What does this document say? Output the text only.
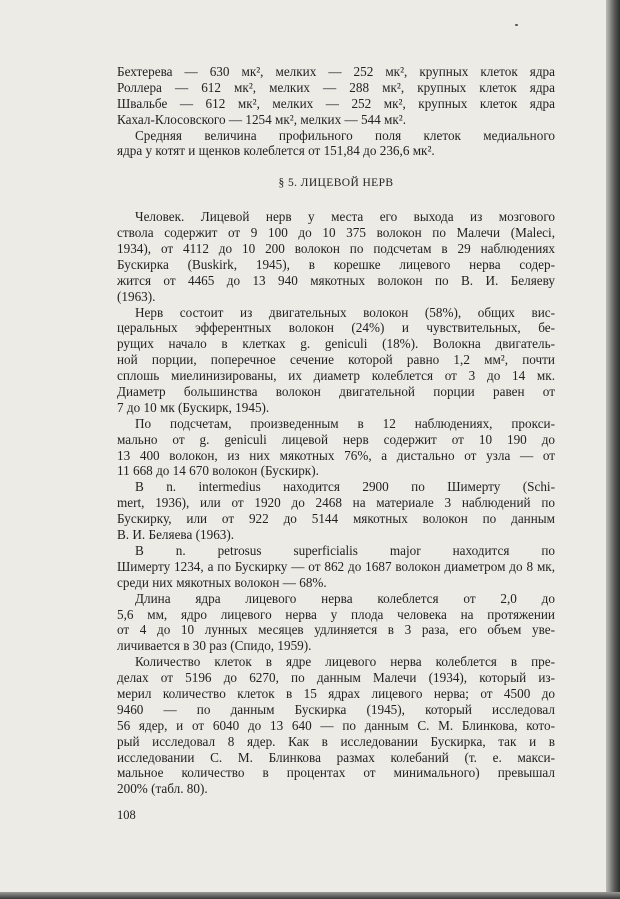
Бехтерева — 630 мк², мелких — 252 мк², крупных клеток ядра
Роллера — 612 мк², мелких — 288 мк², крупных клеток ядра
Швальбе — 612 мк², мелких — 252 мк², крупных клеток ядра
Кахал-Клосовского — 1254 мк², мелких — 544 мк².
Средняя величина профильного поля клеток медиального
ядра у котят и щенков колеблется от 151,84 до 236,6 мк².
§ 5. ЛИЦЕВОЙ НЕРВ
Человек. Лицевой нерв у места его выхода из мозгового
ствола содержит от 9 100 до 10 375 волокон по Малечи (Maleci,
1934), от 4112 до 10 200 волокон по подсчетам в 29 наблюдениях
Бускирка (Buskirk, 1945), в корешке лицевого нерва содер-
жится от 4465 до 13 940 мякотных волокон по В. И. Беляеву
(1963).
Нерв состоит из двигательных волокон (58%), общих вис-
церальных эфферентных волокон (24%) и чувствительных, бе-
рущих начало в клетках g. geniculi (18%). Волокна двигатель-
ной порции, поперечное сечение которой равно 1,2 мм², почти
сплошь миелинизированы, их диаметр колеблется от 3 до 14 мк.
Диаметр большинства волокон двигательной порции равен от
7 до 10 мк (Бускирк, 1945).
По подсчетам, произведенным в 12 наблюдениях, прокси-
мально от g. geniculi лицевой нерв содержит от 10 190 до
13 400 волокон, из них мякотных 76%, а дистально от узла — от
11 668 до 14 670 волокон (Бускирк).
В n. intermedius находится 2900 по Шимерту (Schi-
mert, 1936), или от 1920 до 2468 на материале 3 наблюдений по
Бускирку, или от 922 до 5144 мякотных волокон по данным
В. И. Беляева (1963).
В n. petrosus superficialis major находится по
Шимерту 1234, а по Бускирку — от 862 до 1687 волокон диаметром до 8 мк, среди них мякотных волокон — 68%.
Длина ядра лицевого нерва колеблется от 2,0 до
5,6 мм, ядро лицевого нерва у плода человека на протяжении
от 4 до 10 лунных месяцев удлиняется в 3 раза, его объем уве-
личивается в 30 раз (Спидо, 1959).
Количество клеток в ядре лицевого нерва колеблется в пре-
делах от 5196 до 6270, по данным Малечи (1934), который из-
мерил количество клеток в 15 ядрах лицевого нерва; от 4500 до
9460 — по данным Бускирка (1945), который исследовал
56 ядер, и от 6040 до 13 640 — по данным С. М. Блинкова, кото-
рый исследовал 8 ядер. Как в исследовании Бускирка, так и в
исследовании С. М. Блинкова размах колебаний (т. е. макси-
мальное количество в процентах от минимального) превышал
200% (табл. 80).
108
